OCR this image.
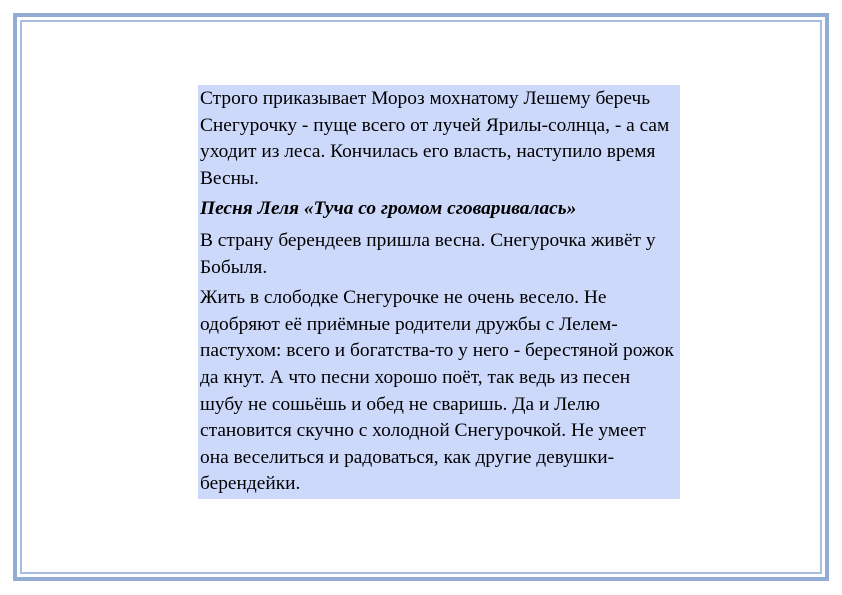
Строго приказывает Мороз мохнатому Лешему беречь Снегурочку - пуще всего от лучей Ярилы-солнца, - а сам уходит из леса. Кончилась его власть, наступило время Весны.

Песня Леля «Туча со громом сговаривалась»

В страну берендеев пришла весна. Снегурочка живёт у Бобыля.

Жить в слободке Снегурочке не очень весело. Не одобряют её приёмные родители дружбы с Лелем-пастухом: всего и богатства-то у него - берестяной рожок да кнут. А что песни хорошо поёт, так ведь из песен шубу не сошьёшь и обед не сваришь. Да и Лелю становится скучно с холодной Снегурочкой. Не умеет она веселиться и радоваться, как другие девушки-берендейки.
